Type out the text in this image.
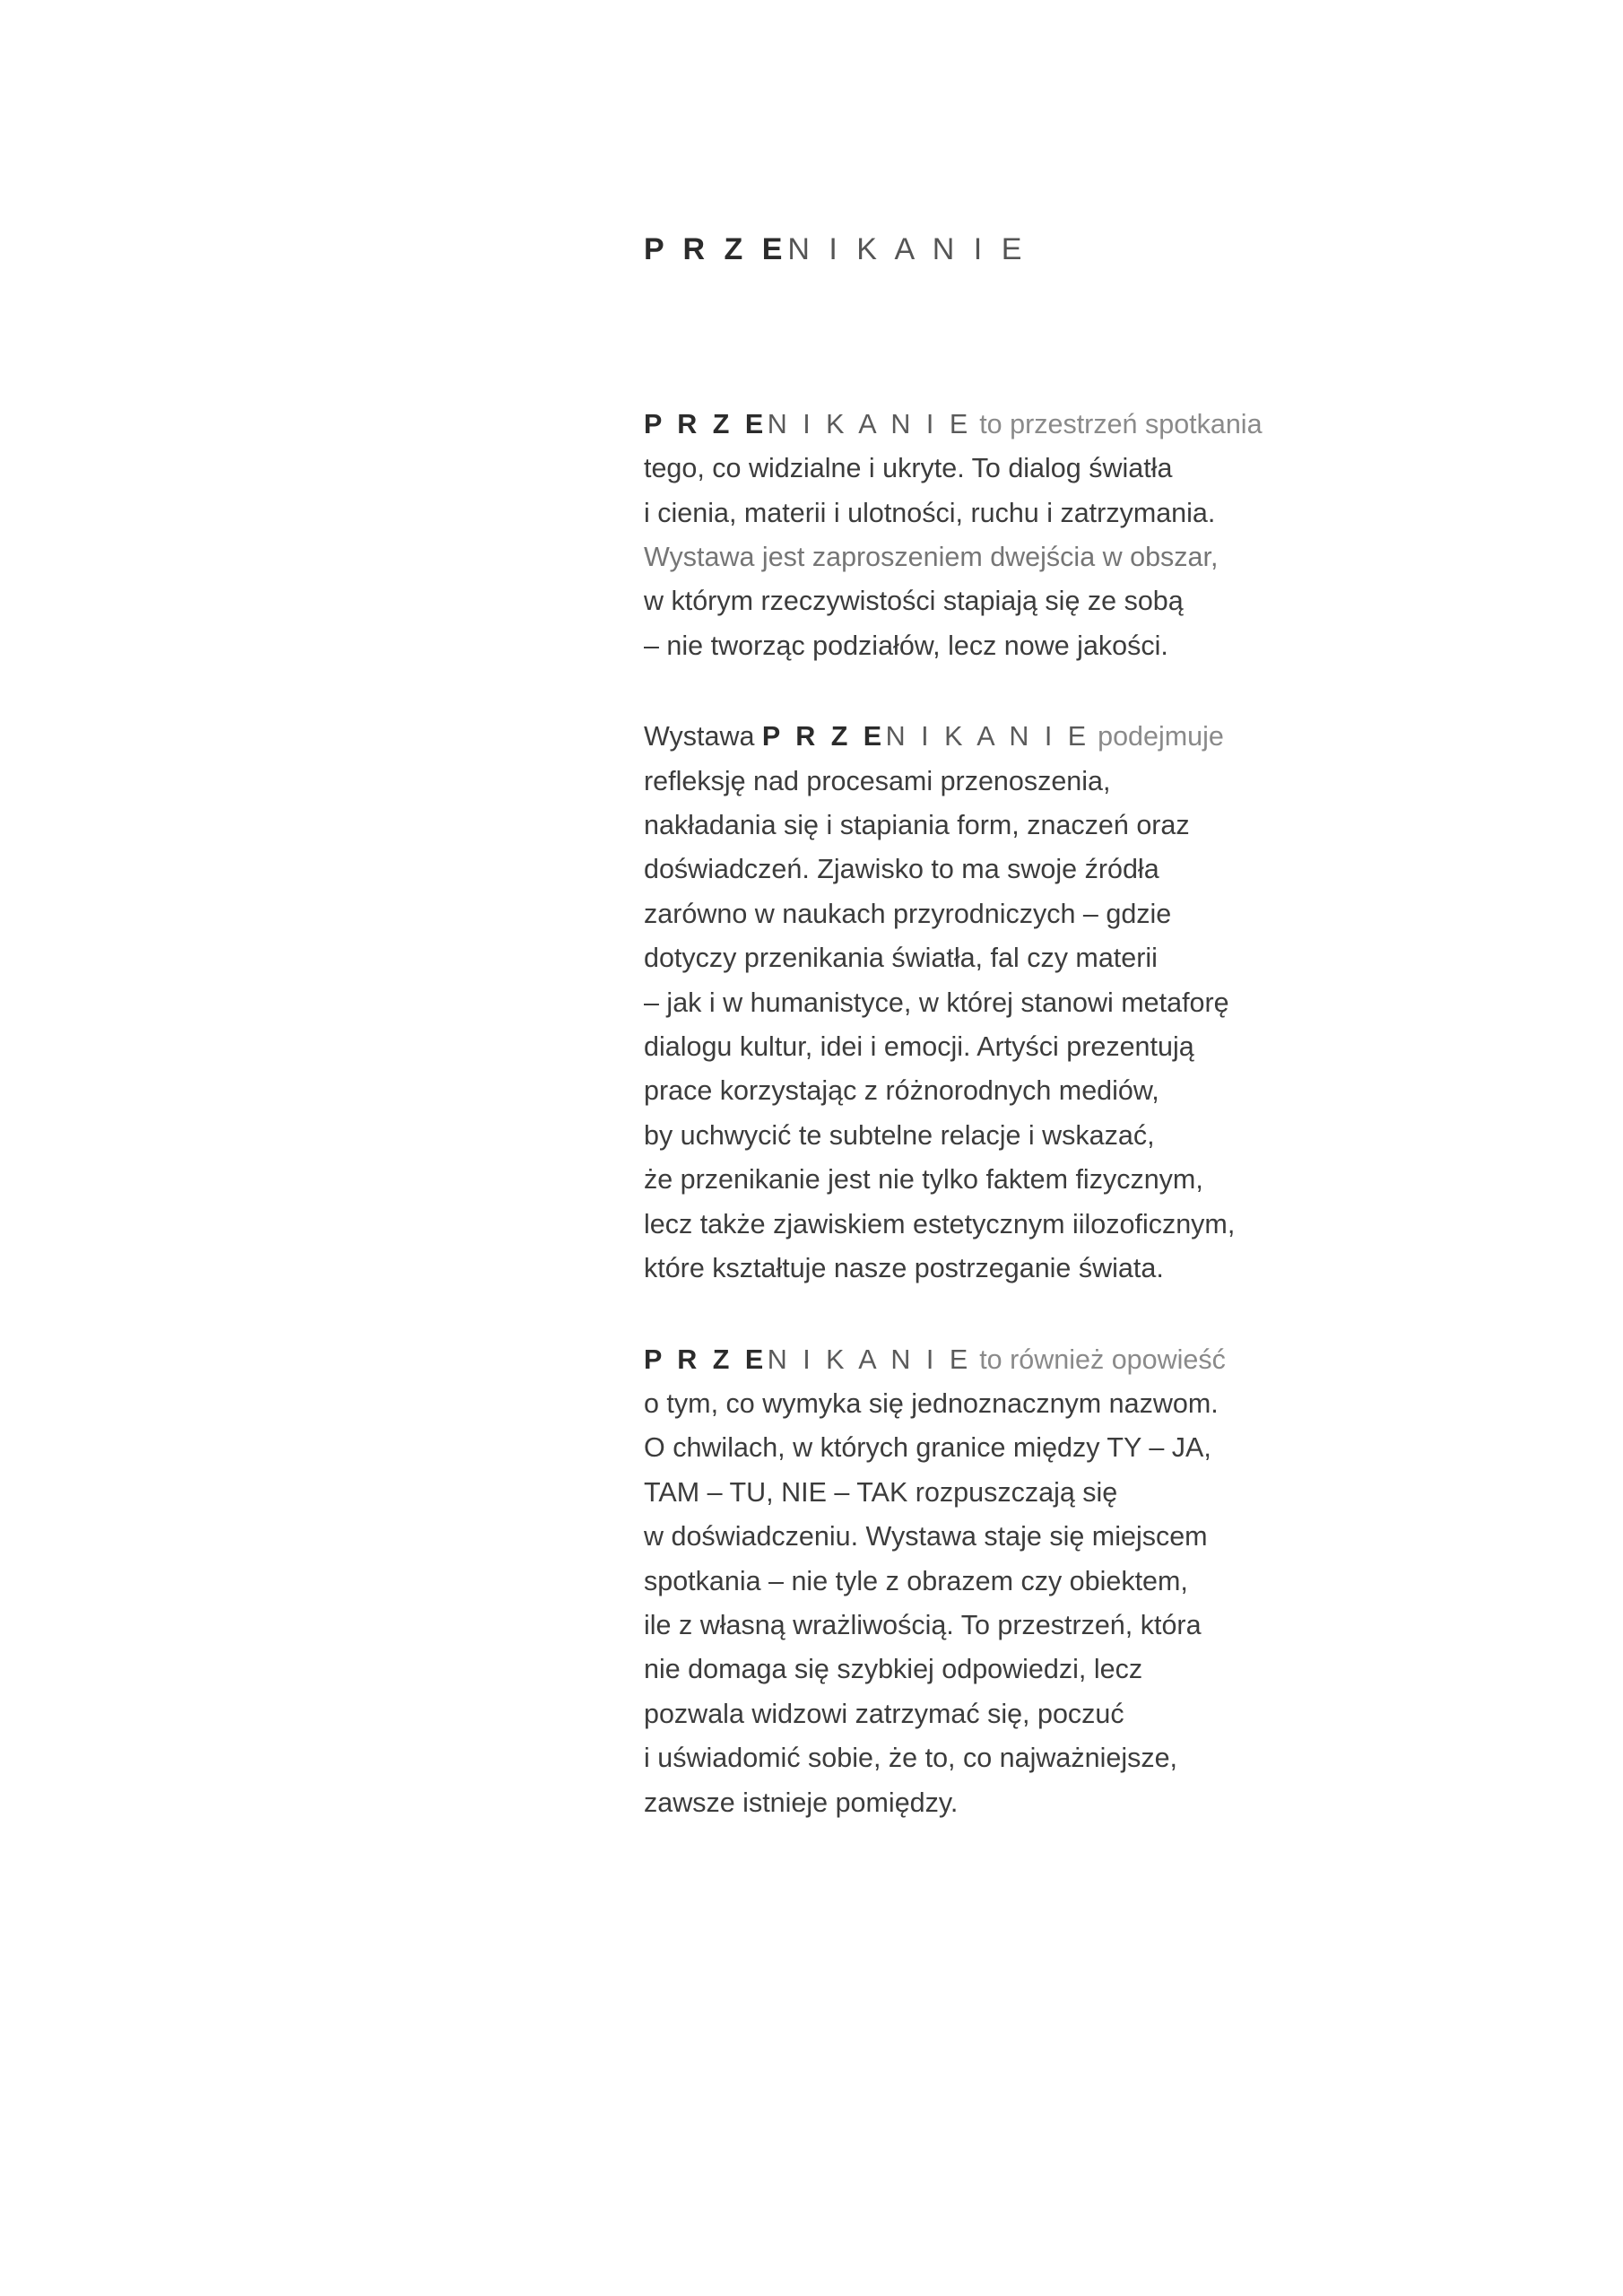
P R Z EN I K A N I E

P R Z EN I K A N I E to przestrzeń spotkania
tego, co widzialne i ukryte. To dialog światła
i cienia, materii i ulotności, ruchu i zatrzymania.
Wystawa jest zaproszeniem dwejścia w obszar,
w którym rzeczywistości stapiają się ze sobą
– nie tworząc podziałów, lecz nowe jakości.

Wystawa P R Z EN I K A N I E podejmuje
refleksję nad procesami przenoszenia,
nakładania się i stapiania form, znaczeń oraz
doświadczeń. Zjawisko to ma swoje źródła
zarówno w naukach przyrodniczych – gdzie
dotyczy przenikania światła, fal czy materii
– jak i w humanistyce, w której stanowi metaforę
dialogu kultur, idei i emocji. Artyści prezentują
prace korzystając z różnorodnych mediów,
by uchwycić te subtelne relacje i wskazać,
że przenikanie jest nie tylko faktem fizycznym,
lecz także zjawiskiem estetycznym iilozoficznym,
które kształtuje nasze postrzeganie świata.

P R Z EN I K A N I E to również opowieść
o tym, co wymyka się jednoznacznym nazwom.
O chwilach, w których granice między TY – JA,
TAM – TU, NIE – TAK rozpuszczają się
w doświadczeniu. Wystawa staje się miejscem
spotkania – nie tyle z obrazem czy obiektem,
ile z własną wrażliwością. To przestrzeń, która
nie domaga się szybkiej odpowiedzi, lecz
pozwala widzowi zatrzymać się, poczuć
i uświadomić sobie, że to, co najważniejsze,
zawsze istnieje pomiędzy.
